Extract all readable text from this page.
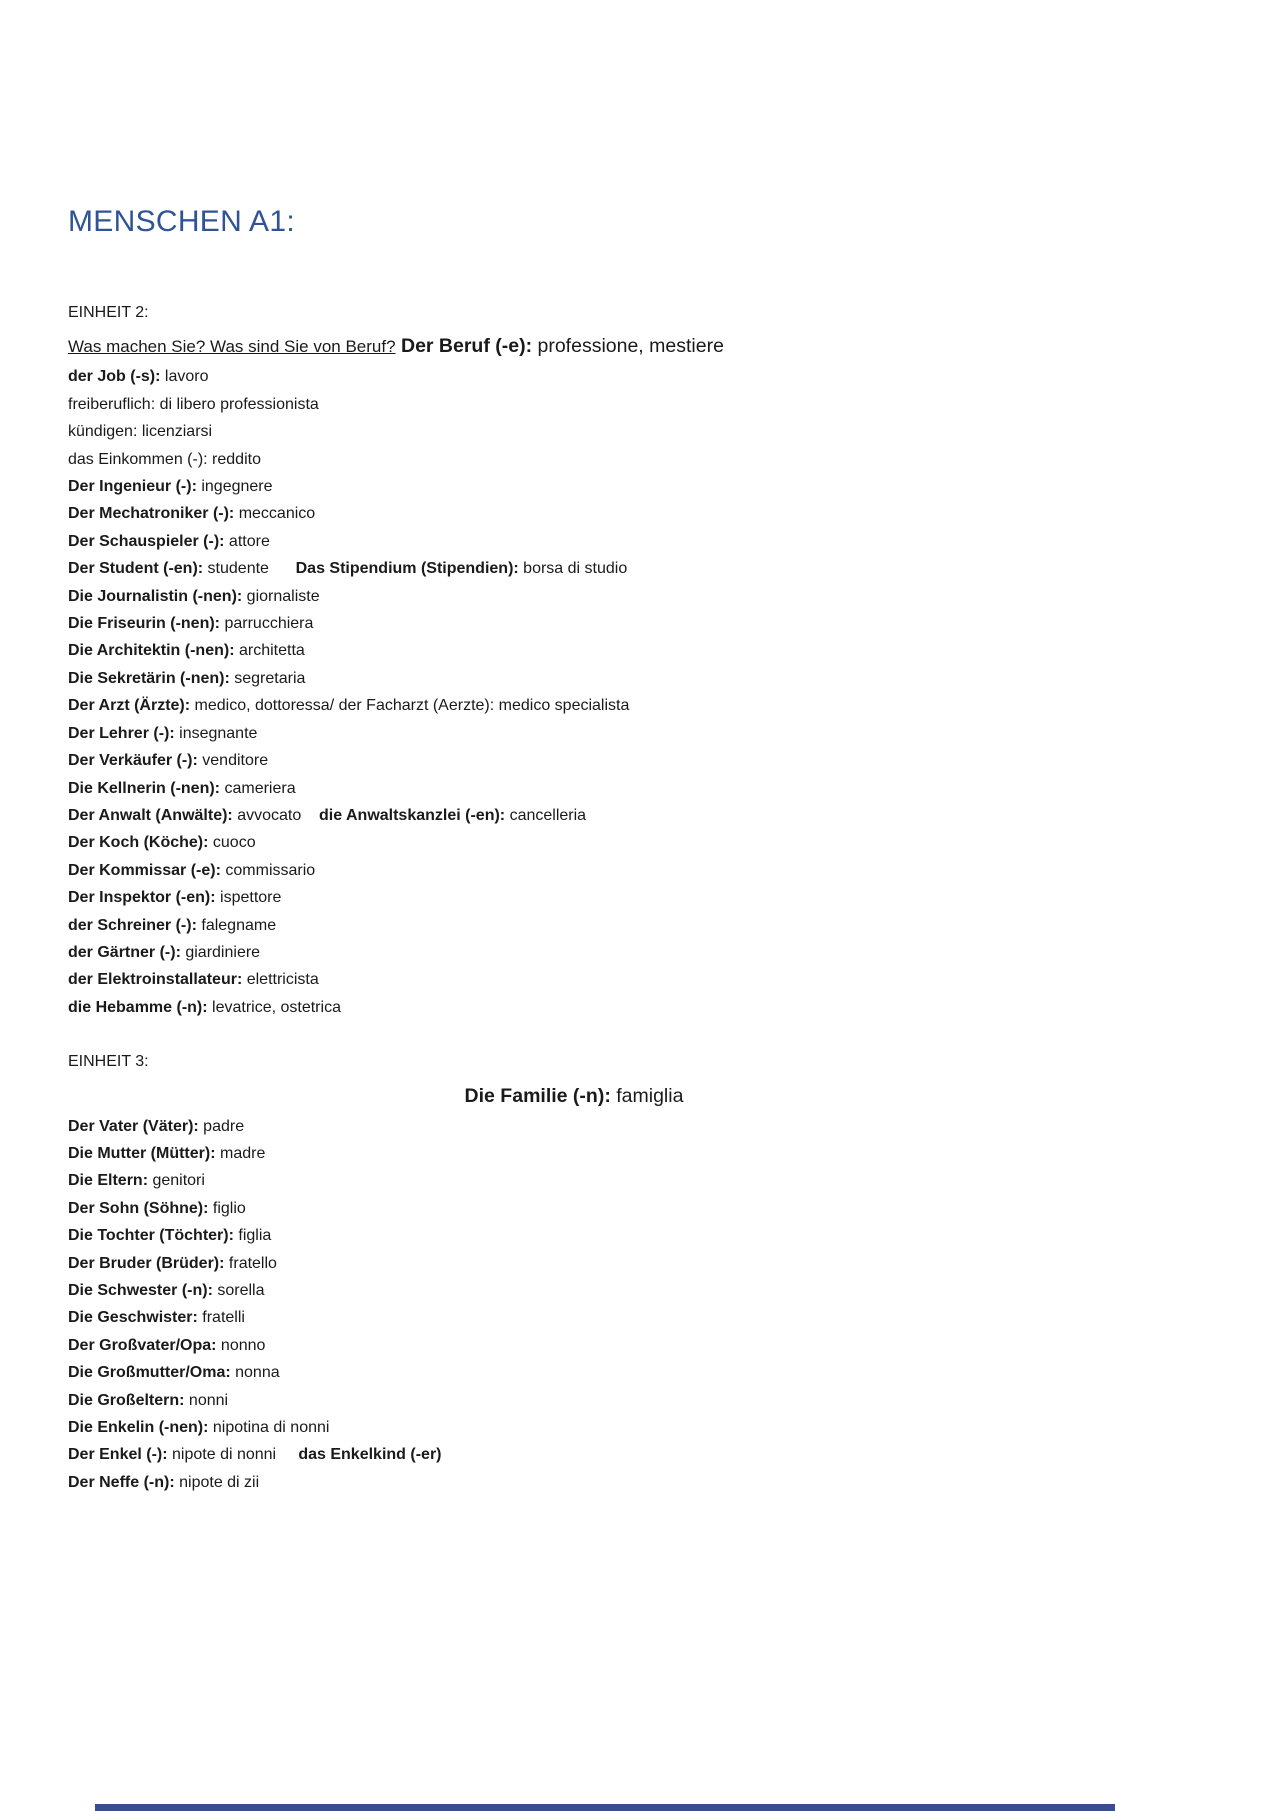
MENSCHEN A1:

EINHEIT 2:

Was machen Sie? Was sind Sie von Beruf? Der Beruf (-e): professione, mestiere

der Job (-s): lavoro

freiberuflich: di libero professionista

kündigen: licenziarsi

das Einkommen (-): reddito

Der Ingenieur (-): ingegnere

Der Mechatroniker (-): meccanico

Der Schauspieler (-): attore

Der Student (-en): studente      Das Stipendium (Stipendien): borsa di studio

Die Journalistin (-nen): giornaliste

Die Friseurin (-nen): parrucchiera

Die Architektin (-nen): architetta

Die Sekretärin (-nen): segretaria

Der Arzt (Ärzte): medico, dottoressa/ der Facharzt (Aerzte): medico specialista

Der Lehrer (-): insegnante

Der Verkäufer (-): venditore

Die Kellnerin (-nen): cameriera

Der Anwalt (Anwälte): avvocato    die Anwaltskanzlei (-en): cancelleria

Der Koch (Köche): cuoco

Der Kommissar (-e): commissario

Der Inspektor (-en): ispettore

der Schreiner (-): falegname

der Gärtner (-): giardiniere

der Elektroinstallateur: elettricista

die Hebamme (-n): levatrice, ostetrica

EINHEIT 3:

Die Familie (-n): famiglia

Der Vater (Väter): padre

Die Mutter (Mütter): madre

Die Eltern: genitori

Der Sohn (Söhne): figlio

Die Tochter (Töchter): figlia

Der Bruder (Brüder): fratello

Die Schwester (-n): sorella

Die Geschwister: fratelli

Der Großvater/Opa: nonno

Die Großmutter/Oma: nonna

Die Großeltern: nonni

Die Enkelin (-nen): nipotina di nonni

Der Enkel (-): nipote di nonni     das Enkelkind (-er)

Der Neffe (-n): nipote di zii
